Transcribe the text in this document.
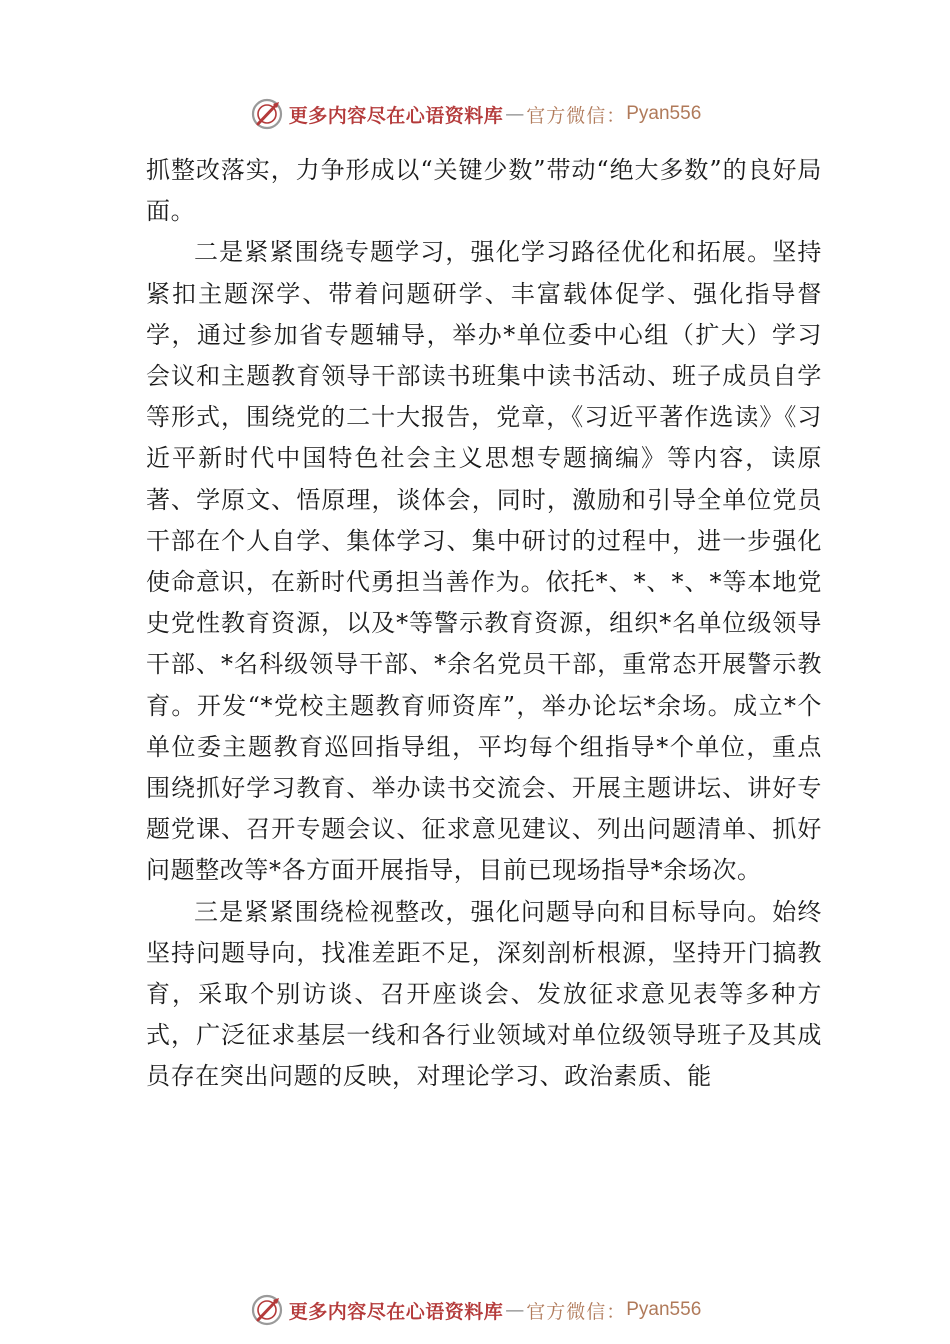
更多内容尽在心语资料库 — 官方微信： Pyan556

抓整改落实，力争形成以“关键少数”带动“绝大多数”的良好局面。

二是紧紧围绕专题学习，强化学习路径优化和拓展。坚持紧扣主题深学、带着问题研学、丰富载体促学、强化指导督学，通过参加省专题辅导，举办*单位委中心组（扩大）学习会议和主题教育领导干部读书班集中读书活动、班子成员自学等形式，围绕党的二十大报告，党章，《习近平著作选读》《习近平新时代中国特色社会主义思想专题摘编》等内容，读原著、学原文、悟原理，谈体会，同时，激励和引导全单位党员干部在个人自学、集体学习、集中研讨的过程中，进一步强化使命意识，在新时代勇担当善作为。依托*、*、*、*等本地党史党性教育资源，以及*等警示教育资源，组织*名单位级领导干部、*名科级领导干部、*余名党员干部，重常态开展警示教育。开发“*党校主题教育师资库”，举办论坛*余场。成立*个单位委主题教育巡回指导组，平均每个组指导*个单位，重点围绕抓好学习教育、举办读书交流会、开展主题讲坛、讲好专题党课、召开专题会议、征求意见建议、列出问题清单、抓好问题整改等*各方面开展指导，目前已现场指导*余场次。

三是紧紧围绕检视整改，强化问题导向和目标导向。始终坚持问题导向，找准差距不足，深刻剖析根源，坚持开门搞教育，采取个别访谈、召开座谈会、发放征求意见表等多种方式，广泛征求基层一线和各行业领域对单位级领导班子及其成员存在突出问题的反映，对理论学习、政治素质、能

更多内容尽在心语资料库 — 官方微信： Pyan556
